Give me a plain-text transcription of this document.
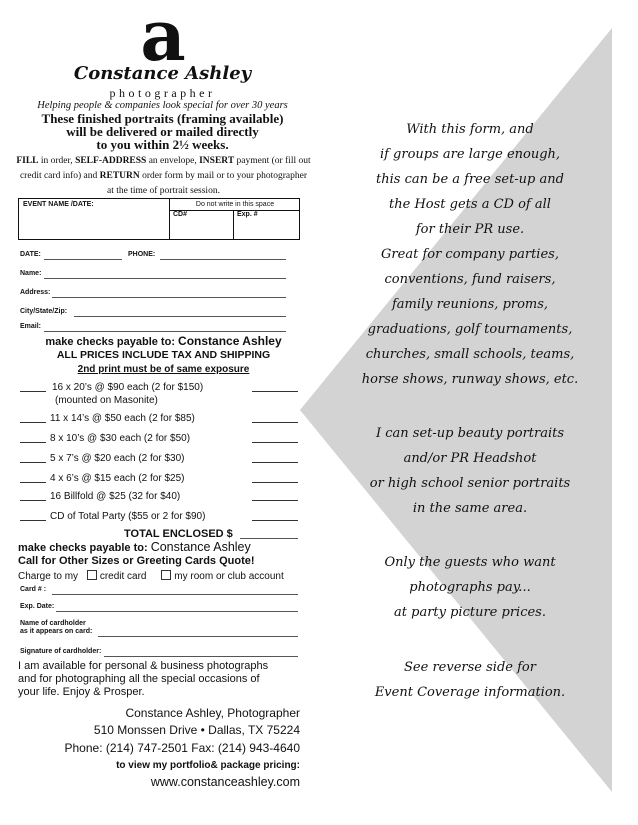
a
Constance Ashley
photographer
Helping people & companies look special for over 30 years
These finished portraits (framing available)
will be delivered or mailed directly
to you within 2½ weeks.
FILL in order, SELF-ADDRESS an envelope, INSERT payment (or fill out credit card info) and RETURN order form by mail or to your photographer at the time of portrait session.
EVENT NAME /DATE:	Do not write in this space
CD#	Exp. #
DATE:	PHONE:
Name:
Address:
City/State/Zip:
Email:
make checks payable to: Constance Ashley
ALL PRICES INCLUDE TAX AND SHIPPING
2nd print must be of same exposure
16 x 20’s @ $90 each (2 for $150)
(mounted on Masonite)
11 x 14’s @ $50 each (2 for $85)
8 x 10’s @ $30 each (2 for $50)
5 x 7’s @ $20 each (2 for $30)
4 x 6’s @ $15 each (2 for $25)
16 Billfold @ $25 (32 for $40)
CD of Total Party ($55 or 2 for $90)
TOTAL ENCLOSED $
make checks payable to: Constance Ashley
Call for Other Sizes or Greeting Cards Quote!
Charge to my credit card	my room or club account
Card # :
Exp. Date:
Name of cardholder
as it appears on card:
Signature of cardholder:
I am available for personal & business photographs
and for photographing all the special occasions of
your life. Enjoy & Prosper.
Constance Ashley, Photographer
510 Monssen Drive • Dallas, TX 75224
Phone: (214) 747-2501 Fax: (214) 943-4640
to view my portfolio& package pricing:
www.constanceashley.com
With this form, and
if groups are large enough,
this can be a free set-up and
the Host gets a CD of all
for their PR use.
Great for company parties,
conventions, fund raisers,
family reunions, proms,
graduations, golf tournaments,
churches, small schools, teams,
horse shows, runway shows, etc.
I can set-up beauty portraits
and/or PR Headshot
or high school senior portraits
in the same area.
Only the guests who want
photographs pay...
at party picture prices.
See reverse side for
Event Coverage information.
